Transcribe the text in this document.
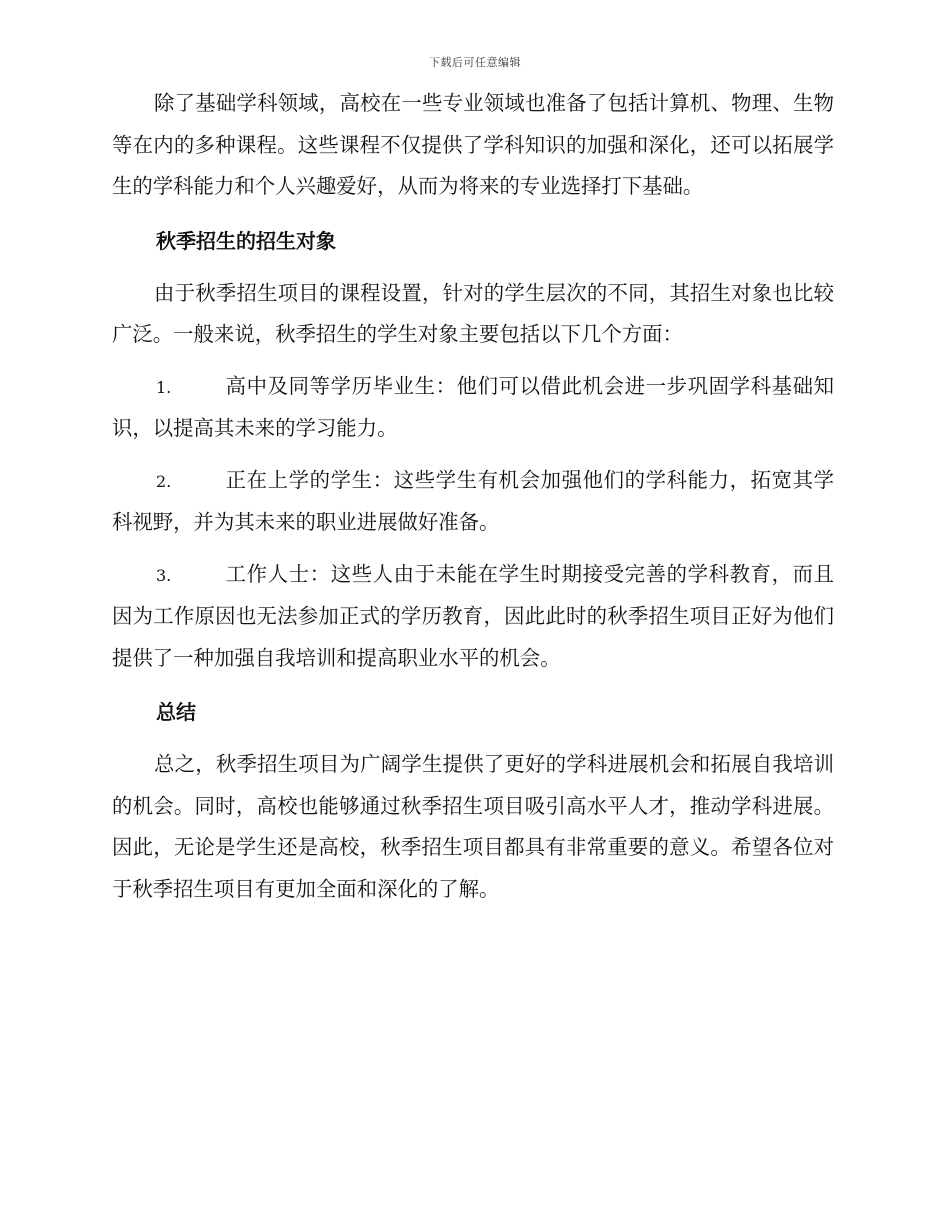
下载后可任意编辑

除了基础学科领域，高校在一些专业领域也准备了包括计算机、物理、生物等在内的多种课程。这些课程不仅提供了学科知识的加强和深化，还可以拓展学生的学科能力和个人兴趣爱好，从而为将来的专业选择打下基础。

秋季招生的招生对象

由于秋季招生项目的课程设置，针对的学生层次的不同，其招生对象也比较广泛。一般来说，秋季招生的学生对象主要包括以下几个方面：

1.	高中及同等学历毕业生：他们可以借此机会进一步巩固学科基础知识，以提高其未来的学习能力。

2.	正在上学的学生：这些学生有机会加强他们的学科能力，拓宽其学科视野，并为其未来的职业进展做好准备。

3.	工作人士：这些人由于未能在学生时期接受完善的学科教育，而且因为工作原因也无法参加正式的学历教育，因此此时的秋季招生项目正好为他们提供了一种加强自我培训和提高职业水平的机会。

总结

总之，秋季招生项目为广阔学生提供了更好的学科进展机会和拓展自我培训的机会。同时，高校也能够通过秋季招生项目吸引高水平人才，推动学科进展。因此，无论是学生还是高校，秋季招生项目都具有非常重要的意义。希望各位对于秋季招生项目有更加全面和深化的了解。
